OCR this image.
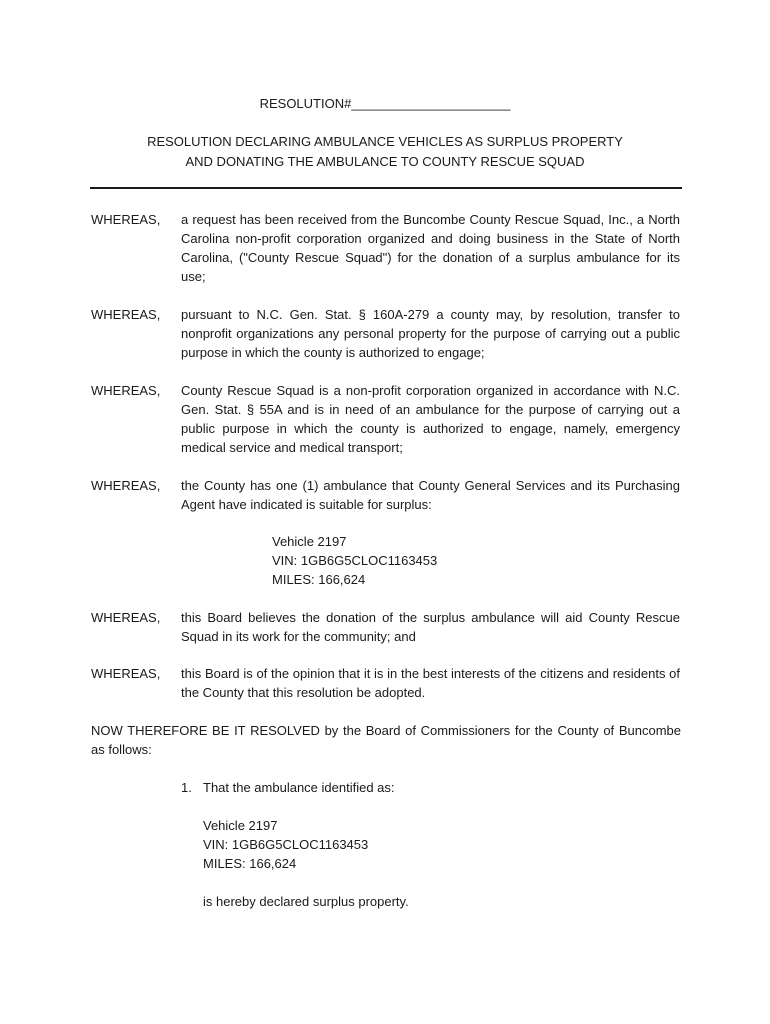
RESOLUTION#______________________
RESOLUTION DECLARING AMBULANCE VEHICLES AS SURPLUS PROPERTY
AND DONATING THE AMBULANCE TO COUNTY RESCUE SQUAD
WHEREAS,	a request has been received from the Buncombe County Rescue Squad, Inc., a North Carolina non-profit corporation organized and doing business in the State of North Carolina, ("County Rescue Squad") for the donation of a surplus ambulance for its use;
WHEREAS,	pursuant to N.C. Gen. Stat. § 160A-279 a county may, by resolution, transfer to nonprofit organizations any personal property for the purpose of carrying out a public purpose in which the county is authorized to engage;
WHEREAS,	County Rescue Squad is a non-profit corporation organized in accordance with N.C. Gen. Stat. § 55A and is in need of an ambulance for the purpose of carrying out a public purpose in which the county is authorized to engage, namely, emergency medical service and medical transport;
WHEREAS,	the County has one (1) ambulance that County General Services and its Purchasing Agent have indicated is suitable for surplus:
Vehicle 2197
VIN: 1GB6G5CLOC1163453
MILES: 166,624
WHEREAS,	this Board believes the donation of the surplus ambulance will aid County Rescue Squad in its work for the community; and
WHEREAS,	this Board is of the opinion that it is in the best interests of the citizens and residents of the County that this resolution be adopted.
NOW THEREFORE BE IT RESOLVED by the Board of Commissioners for the County of Buncombe as follows:
1. That the ambulance identified as:
Vehicle 2197
VIN: 1GB6G5CLOC1163453
MILES: 166,624
is hereby declared surplus property.
